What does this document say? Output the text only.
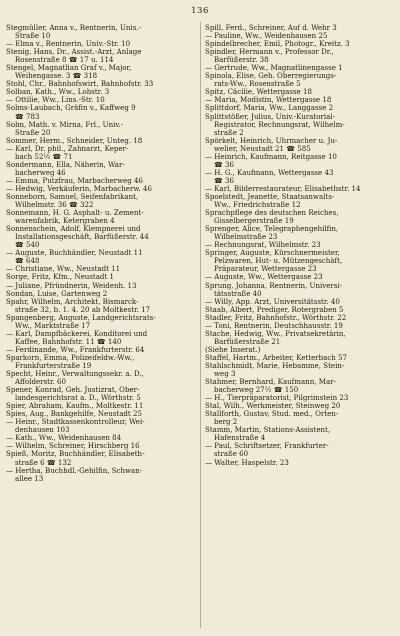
136
Stegmüller, Anna v., Rentnerin, Unis.-
Straße 10
— Elma v., Rentnerin, Univ.-Str. 10
Stenig, Hans, Dr., Assist.-Arzt, Anlage
Rosenstraße 8 ☎ 17 u. 114
Stengel, Magnatlian Graf v., Major,
Weihengasse. 3 ☎ 318
Stohl, Chr., Bahnhofswirt, Bahnhofstr. 33
Solban, Kath., Ww., Lohstr. 3
— Ottilie, Ww., Lins.-Str. 10
Solms-Laubach, Gräfin v., Kaffweg 9
☎ 783
Solm, Math. v. Mirna, Frl., Univ.-
Straße 20
Sommer, Herm., Schneider, Unteg. 18
— Karl, Dr. phil., Zahnarzt, Keper-
bach 52½ ☎ 71
Sondermann, Ella, Näherin, War-
bacherweg 46
— Emma, Putzfrau, Marbacherweg 46
— Hedwig, Verkäuferin, Marbacherw. 46
Sonneborn, Samuel, Seifenfabrikant,
Wilhelmstr. 36 ☎ 322
Sonnemann, H. G. Asphalt- u. Zement-
warenfabrik, Ketergraben 4
Sonnenschein, Adolf, Klempnerei und
Installationsgeschäft, Barfüßerstr. 44
☎ 540
— Auguste, Buchhändler, Neustadt 11
☎ 648
— Christiane, Ww., Neustadt 11
Sorge, Fritz, Kfm., Neustadt 1
— Juliane, Pfründnerin, Weidenh. 13
Sondan, Luise, Gartenweg 2
Spahr, Wilhelm, Architekt, Bismarck-
straße 32, b. 1. 4. 20 ab Moltkestr. 17
Spangenberg, Auguste, Landgerichtsrats-
Ww., Marktstraße 17
— Karl, Dampfbäckerei, Konditorei und
Kaffee, Bahnhofstr. 11 ☎ 140
— Ferdinande, Ww., Frankfurterstr. 64
Sparkorn, Emma, Polizeifeldw.-Ww.,
Frankfurterstraße 19
Specht, Heinr., Verwaltungssekr. a. D.,
Affolderstr. 60
Spener, Konrad, Geh. Justizrat, Ober-
landesgerichtsrat a. D., Wörthstr. 5
Spier, Abraham, Kaufm., Moltkestr. 11
Spies, Aug., Bankgehilfe, Neustadt 25
— Heinr., Stadtkassenkontrolleur, Wei-
denhausen 103
— Kath., Ww., Weidenhausen 84
— Wilhelm, Schreiner, Hirschberg 16
Spieß, Moritz, Buchhändler, Elisabeth-
straße 6 ☎ 132
— Hertha, Buchhdl.-Gehilfin, Schwan-
allee 13
Spill, Ferd., Schreiner, Auf d. Wehr 3
— Pauline, Ww., Weidenhausen 25
Spindelbrecher, Emil, Photogr., Kreitz. 3
Spindler, Hermann v., Professor Dr.,
Barfüßerstr. 38
— Gertrude, Ww., Magnatlinengasse 1
Spinola, Elise, Geh. Oberregierungs-
rats-Ww., Rosenstraße 5
Spitz, Cäcilie, Wettergasse 18
— Maria, Modistin, Wettergasse 18
Splittdorf, Maria, Ww., Langgasse 2
Splittstößer, Julius, Univ.-Kuratorial-
Registrator, Rechnungsrat, Wilhelm-
straße 2
Spörkelt, Heinrich, Uhrmacher u. Ju-
welier, Neustadt 21 ☎ 585
— Heinrich, Kaufmann, Reitgasse 10
☎ 36
— H. G., Kaufmann, Wettergasse 43
☎ 36
— Karl, Bilderrestaurateur, Elisabethstr. 14
Spoelstedt, Jeanette, Staatsanwalts-
Ww., Friedrichstraße 12
Sprachpflege des deutschen Reiches,
Gisselbergerstraße 19
Sprenger, Alice, Telegraphengehilfin,
Wilhelmstraße 23
— Rechnungsrat, Wilhelmstr. 23
Springer, Auguste, Kürschnermeister,
Pelzwaren, Hut- u. Mützengeschäft,
Präparateur, Wettergasse 23
— Auguste, Ww., Wettergasse 23
Sprung, Johanna, Rentnerin, Universi-
tätsstraße 40
— Willy, App. Arzt, Universitätsstr. 40
Staab, Albert, Prediger, Rotergraben 5
Stadler, Fritz, Bahnhofstr., Wörthstr. 22
— Toni, Rentnerin, Deutschhausstr. 19
Stache, Hedwig, Ww., Privatsekretärin,
Barfüßerstraße 21
(Siehe Inserat.)
Staffel, Hartm., Arbeiter, Ketterbach 57
Stahlschmidt, Marie, Hebamme, Stein-
weg 3
Stahmer, Bernhard, Kaufmann, Mar-
bacherweg 27½ ☎ 150
— H., Tierpräparatorist, Pilgrimstein 23
Stal, Wilh., Werkmeister, Steinweg 20
Stallforth, Gustav, Stud. med., Orten-
berg 2
Stamm, Martin, Stations-Assistent,
Hafenstraße 4
— Paul, Schriftsetzer, Frankfurter-
straße 60
— Walter, Haspelstr. 23
